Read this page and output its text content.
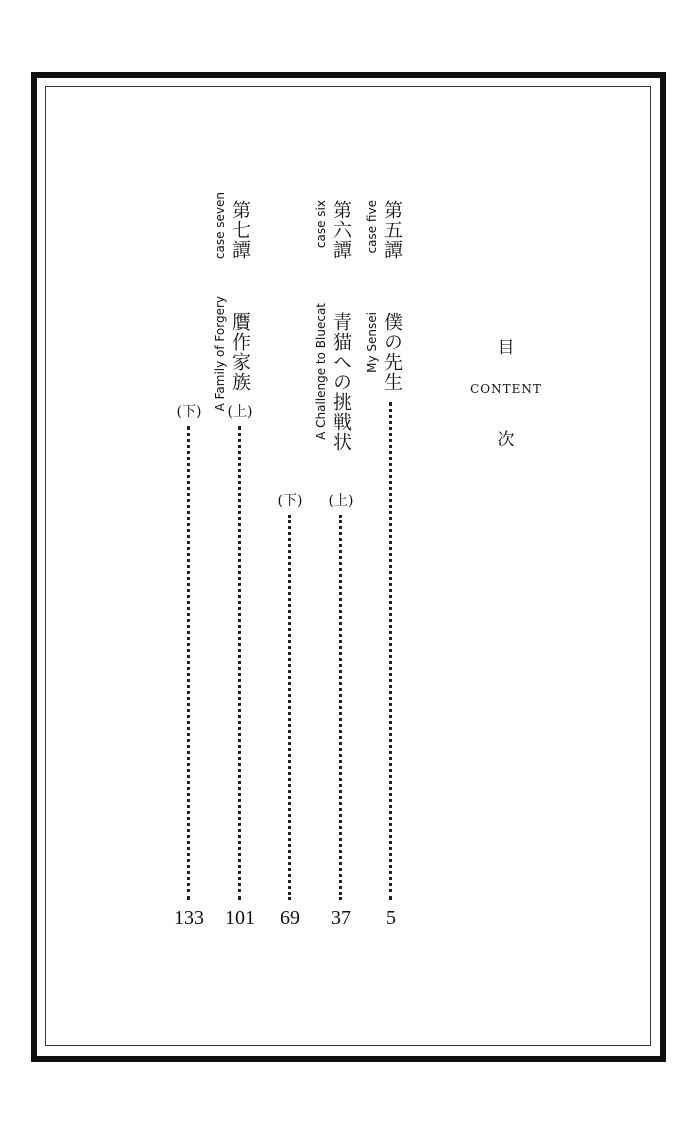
目
CONTENT
次
第五譚
case five
僕の先生
My Sensei
5
第六譚
case six
青猫への挑戦状
A Challenge to Bluecat
(上)
37
(下)
69
第七譚
case seven
贋作家族
A Family of Forgery
(上)
101
(下)
133
